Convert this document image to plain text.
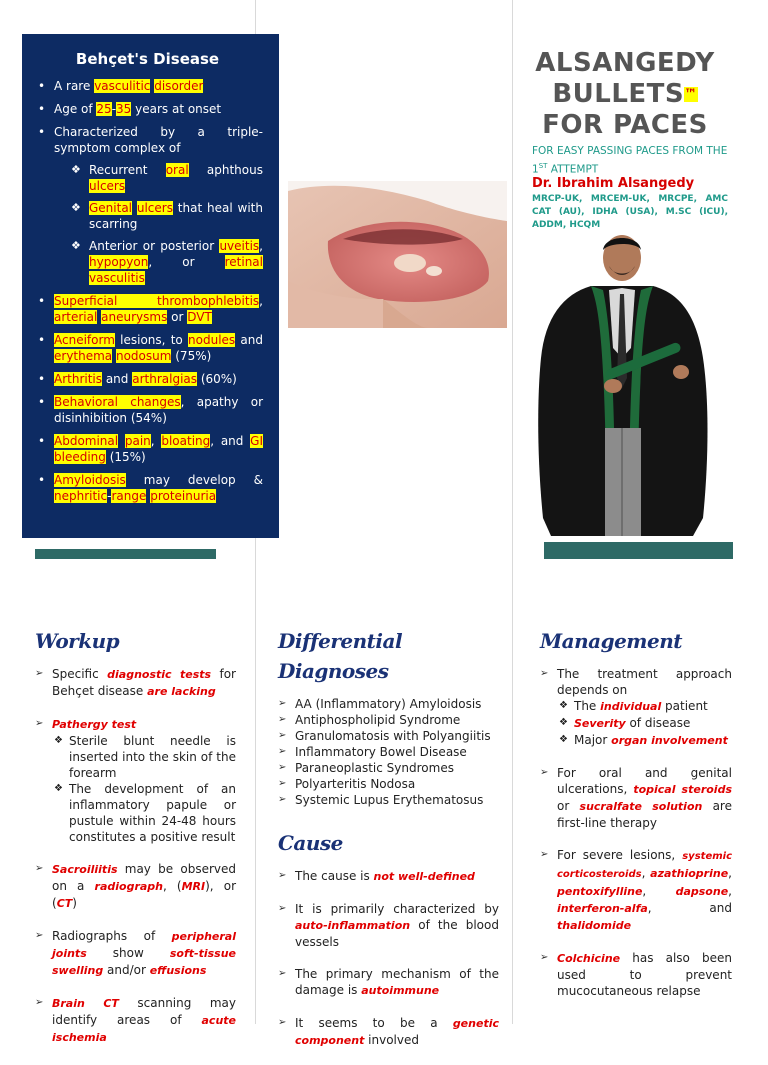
Behçet's Disease
• A rare vasculitic disorder
• Age of 25-35 years at onset
• Characterized by a triple-symptom complex of
❖ Recurrent oral aphthous ulcers
❖ Genital ulcers that heal with scarring
❖ Anterior or posterior uveitis, hypopyon, or retinal vasculitis
• Superficial thrombophlebitis, arterial aneurysms or DVT
• Acneiform lesions, to nodules and erythema nodosum (75%)
• Arthritis and arthralgias (60%)
• Behavioral changes, apathy or disinhibition (54%)
• Abdominal pain, bloating, and GI bleeding (15%)
• Amyloidosis may develop & nephritic-range proteinuria
ALSANGEDY
BULLETS™
FOR PACES
FOR EASY PASSING PACES FROM THE 1ST ATTEMPT
Dr. Ibrahim Alsangedy
MRCP-UK, MRCEM-UK, MRCPE, AMC CAT (AU), IDHA (USA), M.SC (ICU), ADDM, HCQM
Workup
➢ Specific diagnostic tests for Behçet disease are lacking
➢ Pathergy test
❖ Sterile blunt needle is inserted into the skin of the forearm
❖ The development of an inflammatory papule or pustule within 24-48 hours constitutes a positive result
➢ Sacroiliitis may be observed on a radiograph, (MRI), or (CT)
➢ Radiographs of peripheral joints show soft-tissue swelling and/or effusions
➢ Brain CT scanning may identify areas of acute ischemia
Differential Diagnoses
➢ AA (Inflammatory) Amyloidosis
➢ Antiphospholipid Syndrome
➢ Granulomatosis with Polyangiitis
➢ Inflammatory Bowel Disease
➢ Paraneoplastic Syndromes
➢ Polyarteritis Nodosa
➢ Systemic Lupus Erythematosus
Cause
➢ The cause is not well-defined
➢ It is primarily characterized by auto-inflammation of the blood vessels
➢ The primary mechanism of the damage is autoimmune
➢ It seems to be a genetic component involved
Management
➢ The treatment approach depends on
❖ The individual patient
❖ Severity of disease
❖ Major organ involvement
➢ For oral and genital ulcerations, topical steroids or sucralfate solution are first-line therapy
➢ For severe lesions, systemic corticosteroids, azathioprine, pentoxifylline, dapsone, interferon-alfa, and thalidomide
➢ Colchicine has also been used to prevent mucocutaneous relapse
